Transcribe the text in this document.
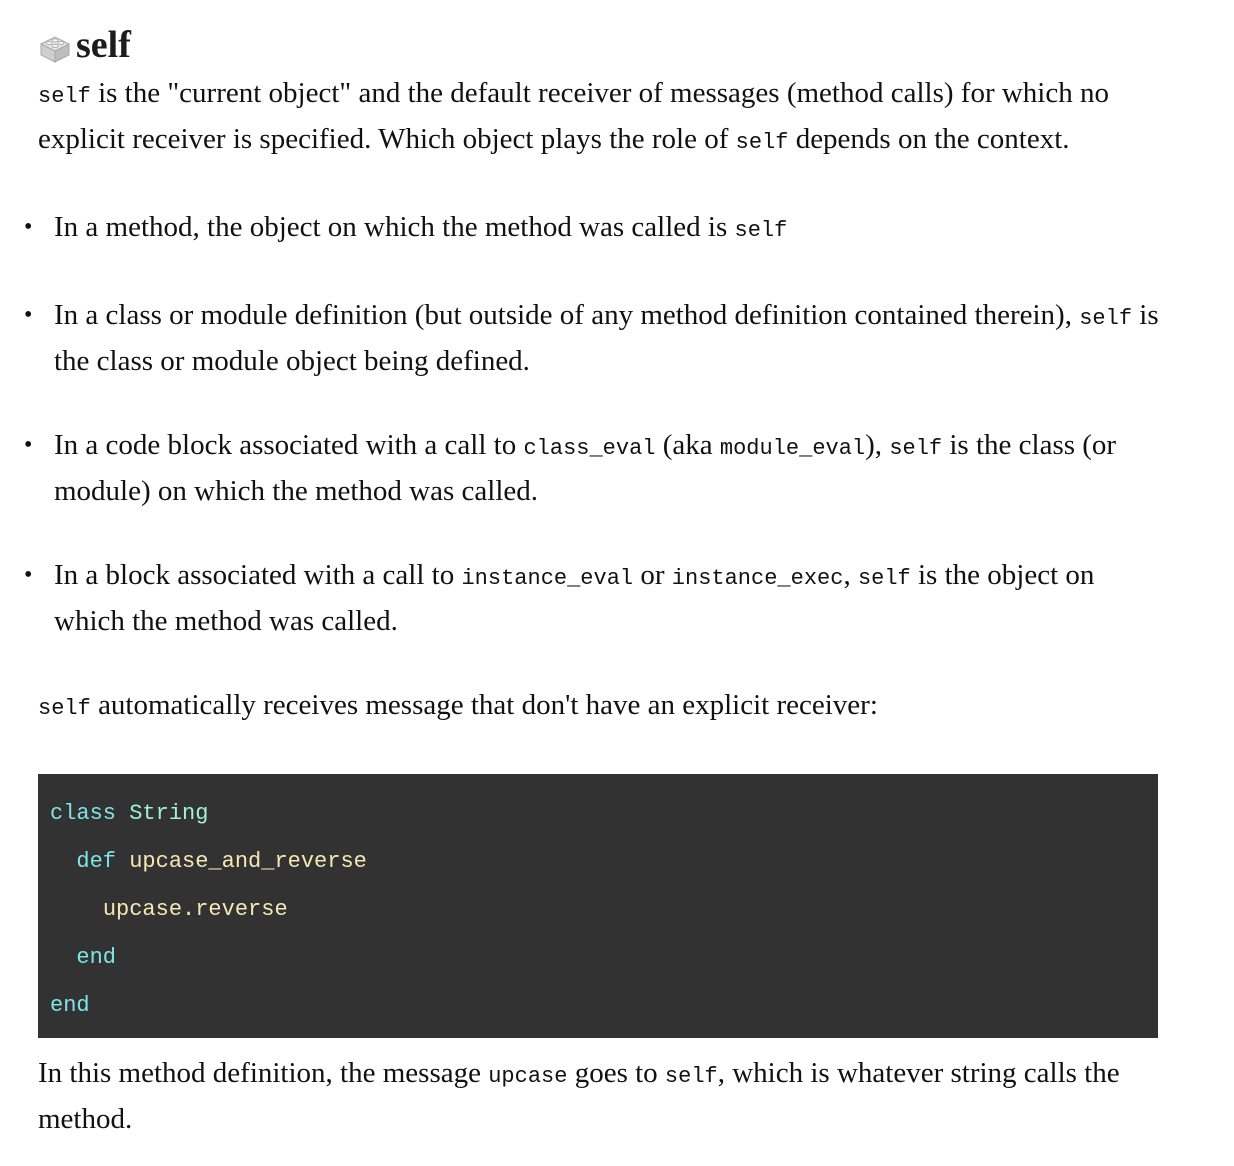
self

self is the "current object" and the default receiver of messages (method calls) for which no explicit receiver is specified. Which object plays the role of self depends on the context.

• In a method, the object on which the method was called is self
• In a class or module definition (but outside of any method definition contained therein), self is the class or module object being defined.
• In a code block associated with a call to class_eval (aka module_eval), self is the class (or module) on which the method was called.
• In a block associated with a call to instance_eval or instance_exec, self is the object on which the method was called.

self automatically receives message that don't have an explicit receiver:

class String
def upcase_and_reverse
upcase.reverse
end
end

In this method definition, the message upcase goes to self, which is whatever string calls the method.
